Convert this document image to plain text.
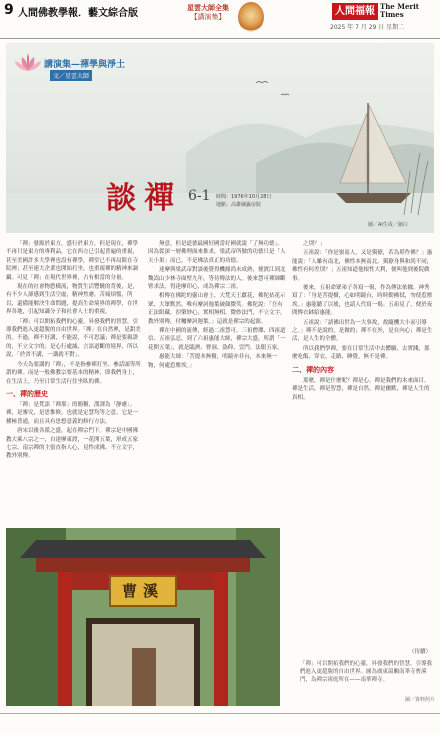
9 人間佛教學報．藝文綜合版	星雲大師全集
【講演集】	人間福報 The Merit Times
2025 年 7 月 29 日 星期二
講演集—禪學與淨土
文／星雲大師
談禪 6-1 時間：1976年10月28日
地點：高雄縣籤房院
圖／AI生成／圖白

「禪」發源於東方，盛行於東方，但是現在，禪學不再只是東方的專利品，它在西方已引起普遍的重視，甚至美國許多大學裡也設有禪學，禪堂已不再局限在寺院裡；甚至連大企業也開始打坐，也重視禪的精神來調攝。可見「禪」在現代世界裡，占有相當的分量。

現在的社會物慾橫流，物質生活豐饒的背後，是，有不少人卻感到生活空虛，精神焦慮。苦痛煩惱，所以，還備能解決生命問題，提高生命境界的禪學，在世界各地，引起知識分子和社會人士的重視。

「禪」可以開拓我們的心靈，昇發我們的智慧，引導我們進入更超脫的自由世界。「禪」在自然裡，是甜美的。不過，禪不好講，不能說，不可思議；禪是要親證的，不立文字的；是心行處滅，言語道斷的境界，所以說，「於省不講，一講就不對」。

今天為要講的「禪」，不是指參禪打坐、參話頭等所謂的禪。而是一般佛教宗要基本的精神，即我們身上，在生活上，乃至日常生活行住坐臥的禪。

一、禪的歷史

「禪」是梵語「禪那」的簡稱，漢譯為「靜慮」。禪，是審究，是思惟修，也就是定慧均等之意。它是一種極普通，而且具有思想意義的修行方法。

唐宋以後各派之盛，起在禪宗門下。禪宗是中國佛教大乘八宗之一，自達摩東渡，一花開五葉，形成五家七宗。南宗禪的主張直指人心，見性成佛，不立文字，教外別傳。

無意，但是道德最國好國當好國就說「了無功德」。因為從深一層佛理面來推求，梁武帝所做的功德只是「人天小果」而已，不是佛法真正的功德。

達摩與梁武帝對談後覺得機緣尚未成熟，便渡江到北魏嵩山少林寺面壁九年，等待傳法的人。後來慧可禪師斷臂求法，得達摩印心，成為禪宗二祖。

相傳在佛陀的靈山會上，大梵天王獻花，佛陀拈花示眾，大眾默然，唯有摩訶迦葉破顏微笑。佛陀說：「吾有正法眼藏，涅槃妙心，實相無相，微妙法門，不立文字，教外別傳，付囑摩訶迦葉。」這就是禪宗的起源。

禪在中國的流傳，經過二祖慧可、三祖僧璨、四祖道信、五祖弘忍，到了六祖惠能大師，禪宗大盛，所謂「一花開五葉」，就是臨濟、曹洞、溈仰、雲門、法眼五家。

惠能大師：「菩提本無樹，明鏡亦非台，本來無一物，何處惹塵埃。」

之別？」

五祖說：「你是嶺南人，又是獦獠，若為堪作佛？」惠能說：「人雖有南北，佛性本無南北。獦獠身與和尚不同，佛性有何差別？」五祖知道他根性大利，便叫他到後院做事。

後來，五祖命眾弟子各寫一偈，作為傳法依據。神秀寫了：「身是菩提樹，心如明鏡台，時時勤拂拭，勿使惹塵埃。」惠能聽了以後，也請人代寫一偈。五祖見了，便於夜間傳衣缽給惠能。

五祖說：「諸佛出世為一大事故，故隨機大小而引導之。」禪不是說的，是做的；禪不在外，是在內心；禪是生活，是人生的全體。

所以我們學禪，要在日常生活中去體驗、去實踐，那麼吃飯、穿衣、走路、睡覺，無不是禪。

二、禪的內容

那麼，禪是什麼呢？禪是心，禪是我們的本來面目。禪是生活，禪是智慧，禪是自然，禪是幽默，禪是人生的真相。

（待續）
曹溪
「禪」可以開拓我們的心靈，昇發我們的智慧，引導我們進入更超脫的自由世界。圖為廣東韶關南華寺曹溪門，為禪宗祖庭所在——南華禪寺。
圖／資料照片
